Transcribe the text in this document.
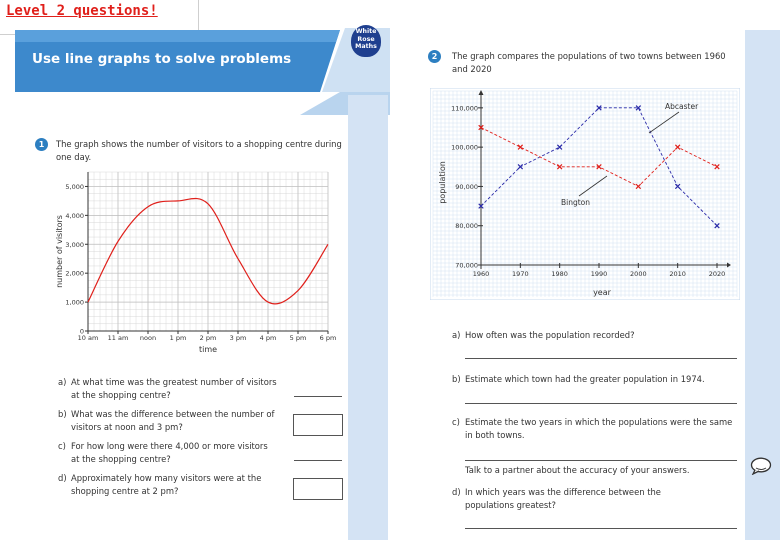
Level 2 questions!
Use line graphs to solve problems
White
Rose
Maths
1	The graph shows the number of visitors to a shopping centre during
one day.
0
1,000
2,000
3,000
4,000
5,000
10 am 11 am noon 1 pm 2 pm 3 pm 4 pm 5 pm 6 pm
time
number of visitors
a) At what time was the greatest number of visitors
at the shopping centre?
b) What was the difference between the number of
visitors at noon and 3 pm?
c) For how long were there 4,000 or more visitors
at the shopping centre?
d) Approximately how many visitors were at the
shopping centre at 2 pm?
2	The graph compares the populations of two towns between 1960
and 2020
70,000
80,000
90,000
100,000
110,000
1960	1970	1980	1990	2000	2010	2020
year
population
Abcaster
Bington
a) How often was the population recorded?
b) Estimate which town had the greater population in 1974.
c) Estimate the two years in which the populations were the same
in both towns.
Talk to a partner about the accuracy of your answers.
d) In which years was the difference between the
populations greatest?
